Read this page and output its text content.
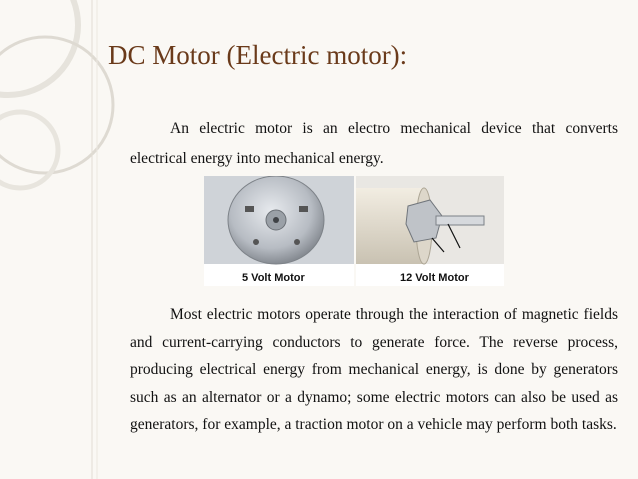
DC Motor (Electric motor):

An electric motor is an electro mechanical device that converts electrical energy into mechanical energy.

5 Volt Motor	12 Volt Motor

Most electric motors operate through the interaction of magnetic fields and current-carrying conductors to generate force. The reverse process, producing electrical energy from mechanical energy, is done by generators such as an alternator or a dynamo; some electric motors can also be used as generators, for example, a traction motor on a vehicle may perform both tasks.
